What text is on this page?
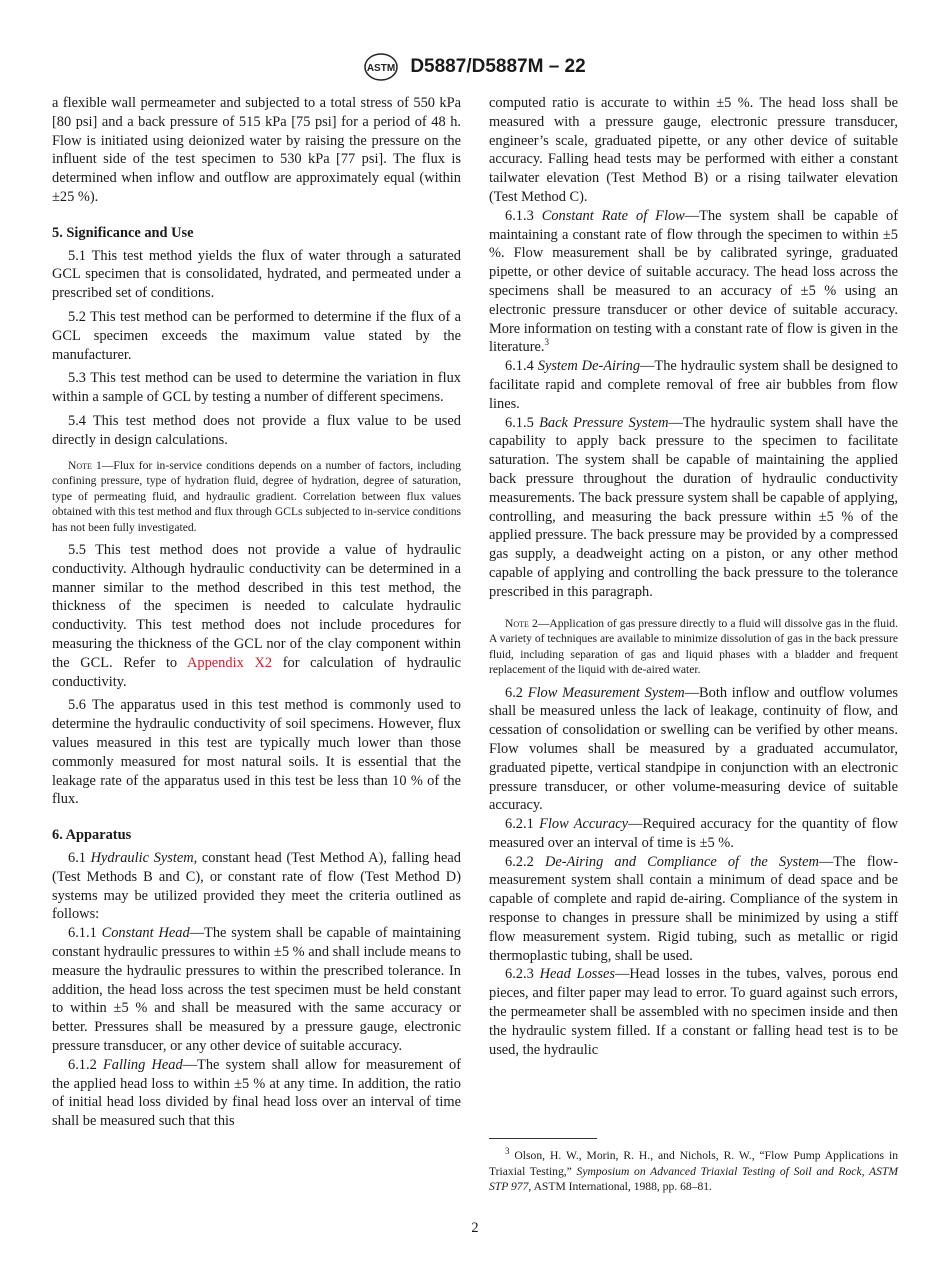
ASTM D5887/D5887M – 22

a flexible wall permeameter and subjected to a total stress of 550 kPa [80 psi] and a back pressure of 515 kPa [75 psi] for a period of 48 h. Flow is initiated using deionized water by raising the pressure on the influent side of the test specimen to 530 kPa [77 psi]. The flux is determined when inflow and outflow are approximately equal (within ±25 %).

5. Significance and Use

5.1 This test method yields the flux of water through a saturated GCL specimen that is consolidated, hydrated, and permeated under a prescribed set of conditions.

5.2 This test method can be performed to determine if the flux of a GCL specimen exceeds the maximum value stated by the manufacturer.

5.3 This test method can be used to determine the variation in flux within a sample of GCL by testing a number of different specimens.

5.4 This test method does not provide a flux value to be used directly in design calculations.

Note 1—Flux for in-service conditions depends on a number of factors, including confining pressure, type of hydration fluid, degree of hydration, degree of saturation, type of permeating fluid, and hydraulic gradient. Correlation between flux values obtained with this test method and flux through GCLs subjected to in-service conditions has not been fully investigated.

5.5 This test method does not provide a value of hydraulic conductivity. Although hydraulic conductivity can be determined in a manner similar to the method described in this test method, the thickness of the specimen is needed to calculate hydraulic conductivity. This test method does not include procedures for measuring the thickness of the GCL nor of the clay component within the GCL. Refer to Appendix X2 for calculation of hydraulic conductivity.

5.6 The apparatus used in this test method is commonly used to determine the hydraulic conductivity of soil specimens. However, flux values measured in this test are typically much lower than those commonly measured for most natural soils. It is essential that the leakage rate of the apparatus used in this test be less than 10 % of the flux.

6. Apparatus

6.1 Hydraulic System, constant head (Test Method A), falling head (Test Methods B and C), or constant rate of flow (Test Method D) systems may be utilized provided they meet the criteria outlined as follows:

6.1.1 Constant Head—The system shall be capable of maintaining constant hydraulic pressures to within ±5 % and shall include means to measure the hydraulic pressures to within the prescribed tolerance. In addition, the head loss across the test specimen must be held constant to within ±5 % and shall be measured with the same accuracy or better. Pressures shall be measured by a pressure gauge, electronic pressure transducer, or any other device of suitable accuracy.

6.1.2 Falling Head—The system shall allow for measurement of the applied head loss to within ±5 % at any time. In addition, the ratio of initial head loss divided by final head loss over an interval of time shall be measured such that this

computed ratio is accurate to within ±5 %. The head loss shall be measured with a pressure gauge, electronic pressure transducer, engineer’s scale, graduated pipette, or any other device of suitable accuracy. Falling head tests may be performed with either a constant tailwater elevation (Test Method B) or a rising tailwater elevation (Test Method C).

6.1.3 Constant Rate of Flow—The system shall be capable of maintaining a constant rate of flow through the specimen to within ±5 %. Flow measurement shall be by calibrated syringe, graduated pipette, or other device of suitable accuracy. The head loss across the specimens shall be measured to an accuracy of ±5 % using an electronic pressure transducer or other device of suitable accuracy. More information on testing with a constant rate of flow is given in the literature.$^3$

6.1.4 System De-Airing—The hydraulic system shall be designed to facilitate rapid and complete removal of free air bubbles from flow lines.

6.1.5 Back Pressure System—The hydraulic system shall have the capability to apply back pressure to the specimen to facilitate saturation. The system shall be capable of maintaining the applied back pressure throughout the duration of hydraulic conductivity measurements. The back pressure system shall be capable of applying, controlling, and measuring the back pressure within ±5 % of the applied pressure. The back pressure may be provided by a compressed gas supply, a deadweight acting on a piston, or any other method capable of applying and controlling the back pressure to the tolerance prescribed in this paragraph.

Note 2—Application of gas pressure directly to a fluid will dissolve gas in the fluid. A variety of techniques are available to minimize dissolution of gas in the back pressure fluid, including separation of gas and liquid phases with a bladder and frequent replacement of the liquid with de-aired water.

6.2 Flow Measurement System—Both inflow and outflow volumes shall be measured unless the lack of leakage, continuity of flow, and cessation of consolidation or swelling can be verified by other means. Flow volumes shall be measured by a graduated accumulator, graduated pipette, vertical standpipe in conjunction with an electronic pressure transducer, or other volume-measuring device of suitable accuracy.

6.2.1 Flow Accuracy—Required accuracy for the quantity of flow measured over an interval of time is ±5 %.

6.2.2 De-Airing and Compliance of the System—The flow-measurement system shall contain a minimum of dead space and be capable of complete and rapid de-airing. Compliance of the system in response to changes in pressure shall be minimized by using a stiff flow measurement system. Rigid tubing, such as metallic or rigid thermoplastic tubing, shall be used.

6.2.3 Head Losses—Head losses in the tubes, valves, porous end pieces, and filter paper may lead to error. To guard against such errors, the permeameter shall be assembled with no specimen inside and then the hydraulic system filled. If a constant or falling head test is to be used, the hydraulic

$^3$ Olson, H. W., Morin, R. H., and Nichols, R. W., “Flow Pump Applications in Triaxial Testing,” Symposium on Advanced Triaxial Testing of Soil and Rock, ASTM STP 977, ASTM International, 1988, pp. 68–81.

2
